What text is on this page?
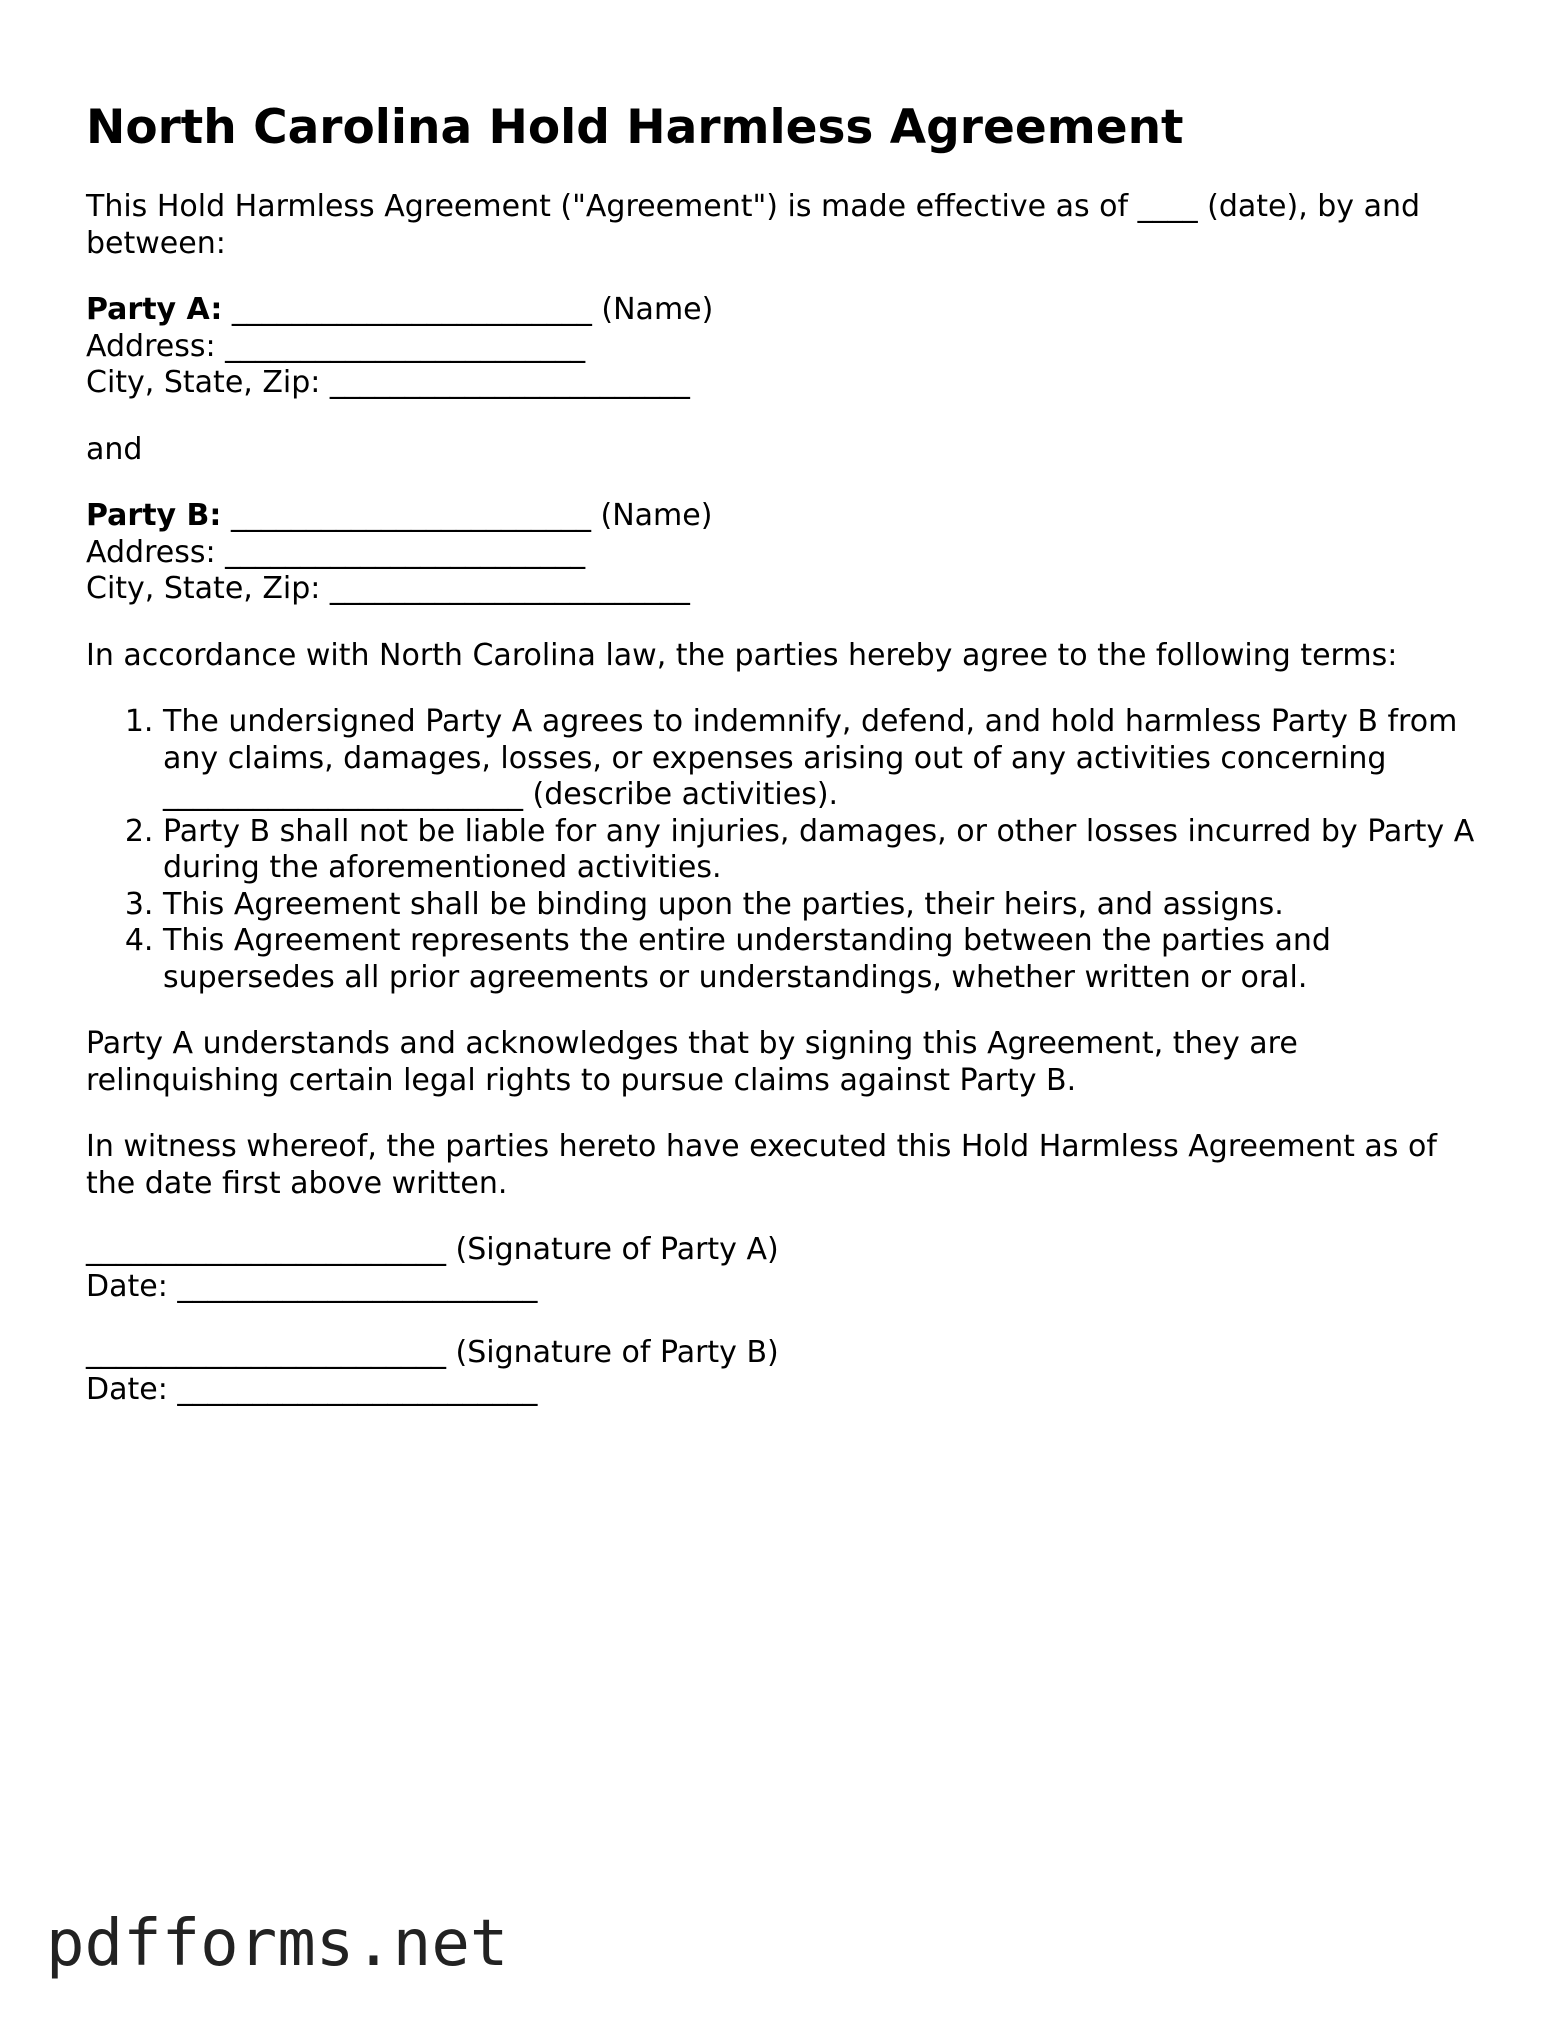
North Carolina Hold Harmless Agreement
This Hold Harmless Agreement ("Agreement") is made effective as of ____ (date), by and between:
Party A: ________________________ (Name)
Address: ________________________
City, State, Zip: ________________________
and
Party B: ________________________ (Name)
Address: ________________________
City, State, Zip: ________________________
In accordance with North Carolina law, the parties hereby agree to the following terms:
1. The undersigned Party A agrees to indemnify, defend, and hold harmless Party B from any claims, damages, losses, or expenses arising out of any activities concerning ________________________ (describe activities).
2. Party B shall not be liable for any injuries, damages, or other losses incurred by Party A during the aforementioned activities.
3. This Agreement shall be binding upon the parties, their heirs, and assigns.
4. This Agreement represents the entire understanding between the parties and supersedes all prior agreements or understandings, whether written or oral.
Party A understands and acknowledges that by signing this Agreement, they are relinquishing certain legal rights to pursue claims against Party B.
In witness whereof, the parties hereto have executed this Hold Harmless Agreement as of the date first above written.
________________________ (Signature of Party A)
Date: ________________________
________________________ (Signature of Party B)
Date: ________________________
pdfforms.net
